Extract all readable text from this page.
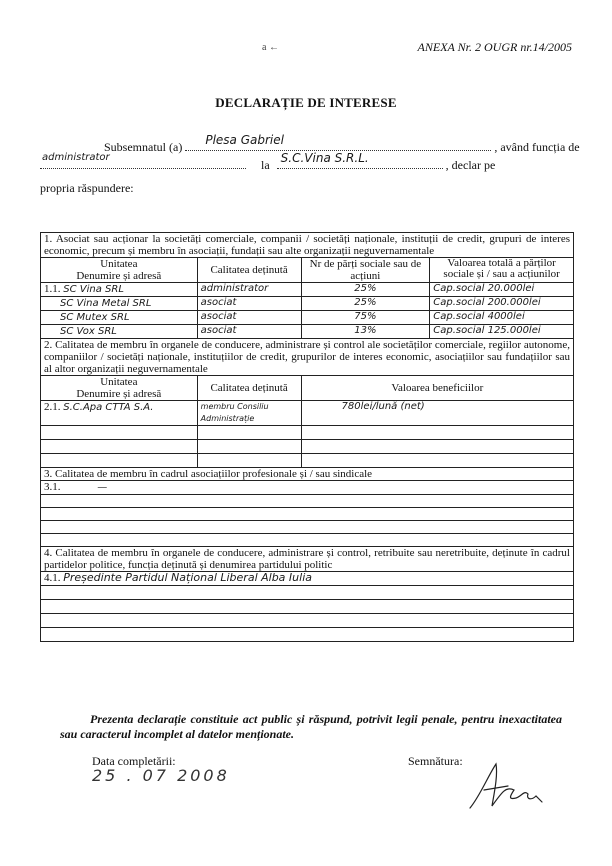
a ←	ANEXA Nr. 2 OUGR nr.14/2005
DECLARAȚIE DE INTERESE
Subsemnatul (a) Plesa Gabriel	, având funcția de
administrator
la S.C.Vina S.R.L.	, declar pe
propria răspundere:
1. Asociat sau acționar la societăți comerciale, companii / societăți naționale, instituții de credit, grupuri de interes economic, precum și membru în asociații, fundații sau alte organizații neguvernamentale			
Unitatea
Denumire și adresă	Calitatea deținută	Nr de părți sociale sau de acțiuni	Valoarea totală a părților sociale și / sau a acțiunilor
1.1. SC Vina SRL	administrator	25%	Cap.social 20.000lei
SC Vina Metal SRL	asociat	25%	Cap.social 200.000lei
SC Mutex SRL	asociat	75%	Cap.social 4000lei
SC Vox SRL	asociat	13%	Cap.social 125.000lei
2. Calitatea de membru în organele de conducere, administrare și control ale societăților comerciale, regiilor autonome, companiilor / societăți naționale, instituțiilor de credit, grupurilor de interes economic, asociațiilor sau fundațiilor sau al altor organizații neguvernamentale			
Unitatea
Denumire și adresă	Calitatea deținută	Valoarea beneficiilor	
2.1. S.C.Apa CTTA S.A.	membru Consiliu Administrație	780lei/lună (net)	

3. Calitatea de membru în cadrul asociațiilor profesionale și / sau sindicale			
3.1. —			

4. Calitatea de membru în organele de conducere, administrare și control, retribuite sau neretribuite, deținute în cadrul partidelor politice, funcția deținută și denumirea partidului politic			
4.1. Președinte Partidul Național Liberal Alba Iulia			

Prezenta declarație constituie act public și răspund, potrivit legii penale, pentru inexactitatea sau caracterul incomplet al datelor menționate.
Data completării:
25 . 07 2008
Semnătura:
